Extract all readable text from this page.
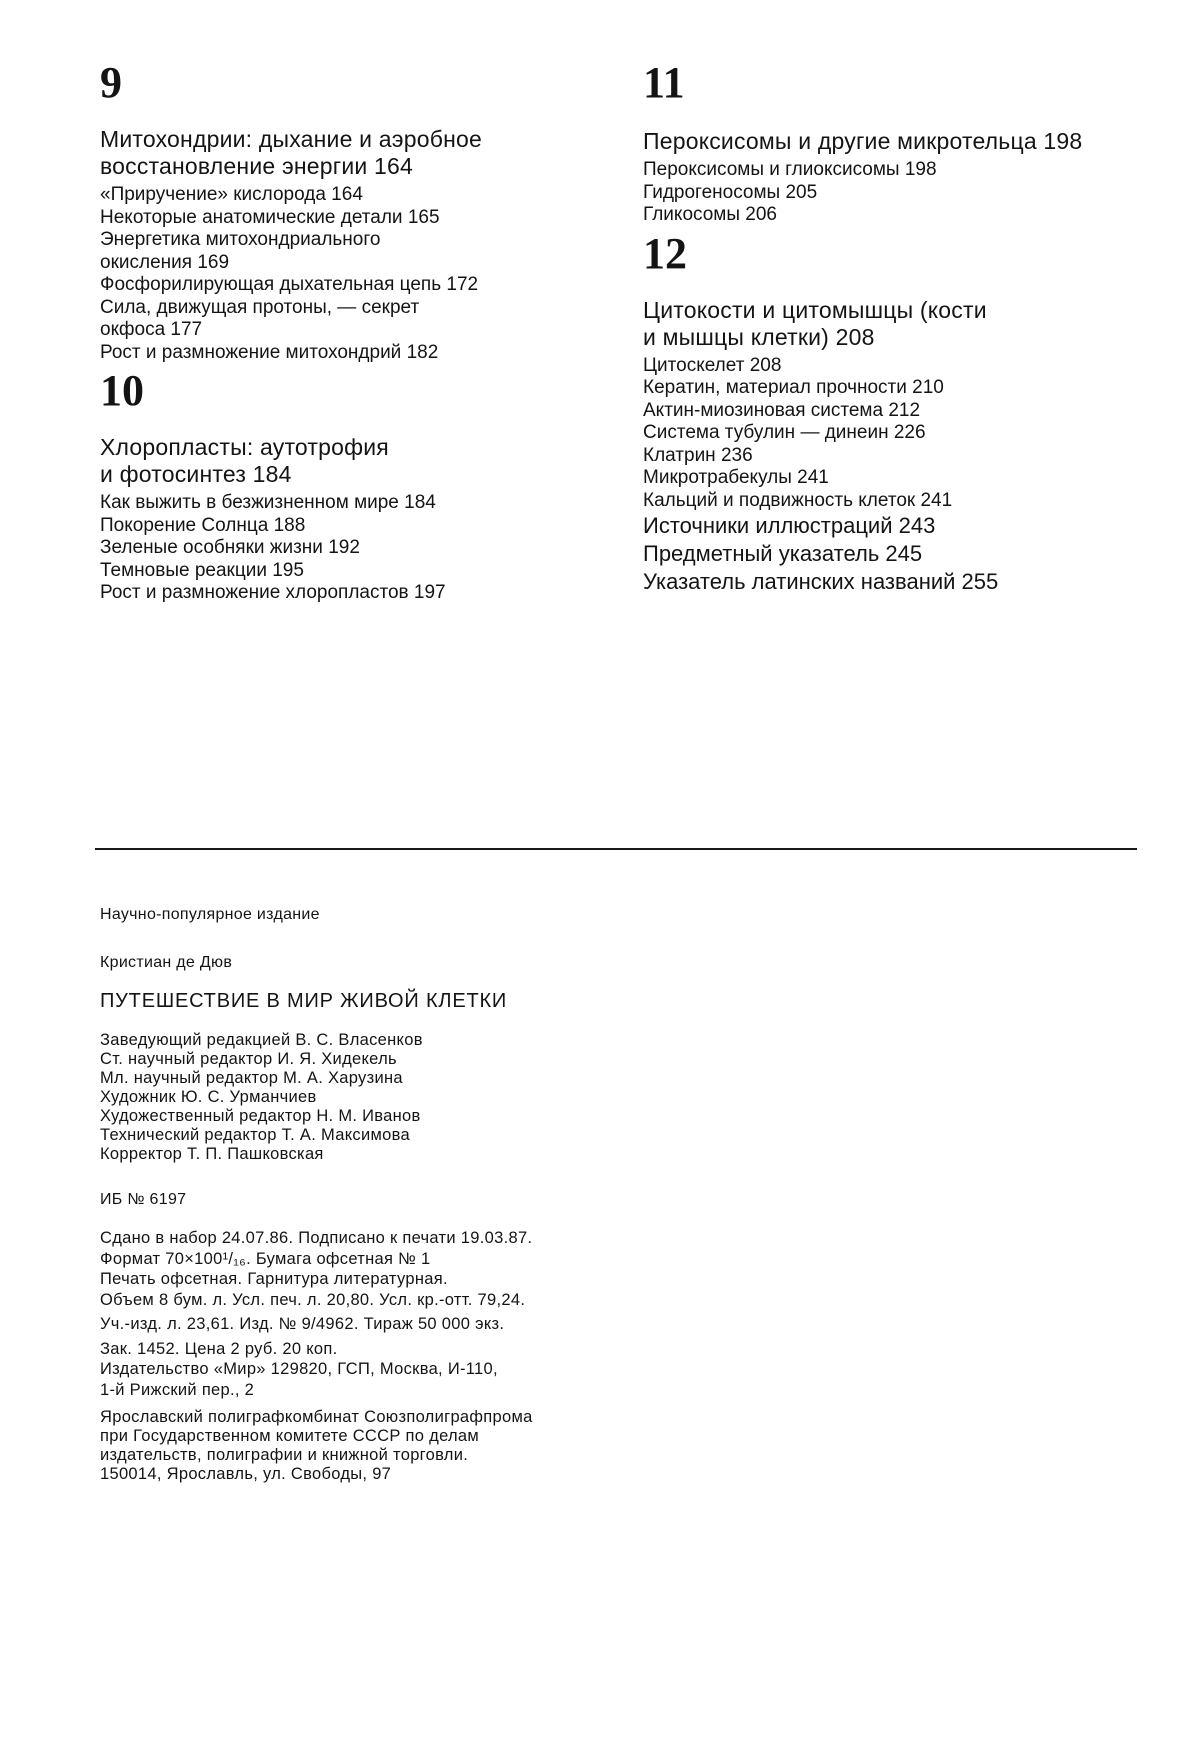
9
Митохондрии: дыхание и аэробное
восстановление энергии 164
«Приручение» кислорода 164
Некоторые анатомические детали 165
Энергетика митохондриального
окисления 169
Фосфорилирующая дыхательная цепь 172
Сила, движущая протоны, — секрет
окфоса 177
Рост и размножение митохондрий 182
10
Хлоропласты: аутотрофия
и фотосинтез 184
Как выжить в безжизненном мире 184
Покорение Солнца 188
Зеленые особняки жизни 192
Темновые реакции 195
Рост и размножение хлоропластов 197
11
Пероксисомы и другие микротельца 198
Пероксисомы и глиоксисомы 198
Гидрогеносомы 205
Гликосомы 206
12
Цитокости и цитомышцы (кости
и мышцы клетки) 208
Цитоскелет 208
Кератин, материал прочности 210
Актин-миозиновая система 212
Система тубулин — динеин 226
Клатрин 236
Микротрабекулы 241
Кальций и подвижность клеток 241
Источники иллюстраций 243
Предметный указатель 245
Указатель латинских названий 255

Научно-популярное издание

Кристиан де Дюв

ПУТЕШЕСТВИЕ В МИР ЖИВОЙ КЛЕТКИ

Заведующий редакцией В. С. Власенков
Ст. научный редактор И. Я. Хидекель
Мл. научный редактор М. А. Харузина
Художник Ю. С. Урманчиев
Художественный редактор Н. М. Иванов
Технический редактор Т. А. Максимова
Корректор Т. П. Пашковская

ИБ № 6197

Сдано в набор 24.07.86. Подписано к печати 19.03.87.
Формат 70×100¹/₁₆. Бумага офсетная № 1
Печать офсетная. Гарнитура литературная.
Объем 8 бум. л. Усл. печ. л. 20,80. Усл. кр.-отт. 79,24.
Уч.-изд. л. 23,61. Изд. № 9/4962. Тираж 50 000 экз.
Зак. 1452. Цена 2 руб. 20 коп.
Издательство «Мир» 129820, ГСП, Москва, И-110,
1-й Рижский пер., 2
Ярославский полиграфкомбинат Союзполиграфпрома
при Государственном комитете СССР по делам
издательств, полиграфии и книжной торговли.
150014, Ярославль, ул. Свободы, 97
